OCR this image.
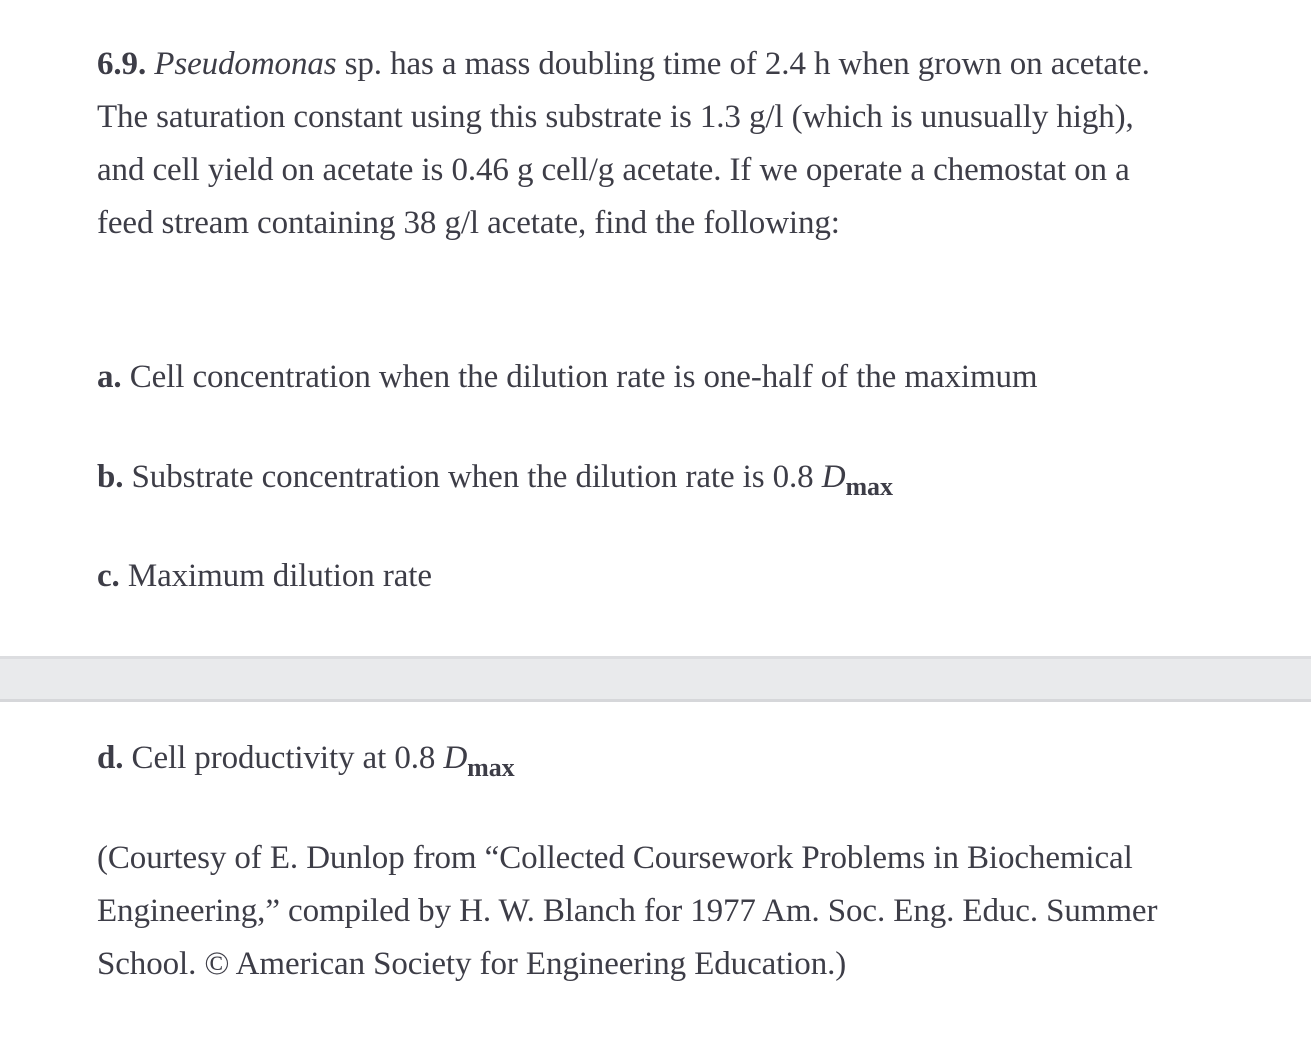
6.9. Pseudomonas sp. has a mass doubling time of 2.4 h when grown on acetate. The saturation constant using this substrate is 1.3 g/l (which is unusually high), and cell yield on acetate is 0.46 g cell/g acetate. If we operate a chemostat on a feed stream containing 38 g/l acetate, find the following:

a. Cell concentration when the dilution rate is one-half of the maximum

b. Substrate concentration when the dilution rate is 0.8 $D_{max}$

c. Maximum dilution rate

d. Cell productivity at 0.8 $D_{max}$

(Courtesy of E. Dunlop from “Collected Coursework Problems in Biochemical Engineering,” compiled by H. W. Blanch for 1977 Am. Soc. Eng. Educ. Summer School. © American Society for Engineering Education.)
